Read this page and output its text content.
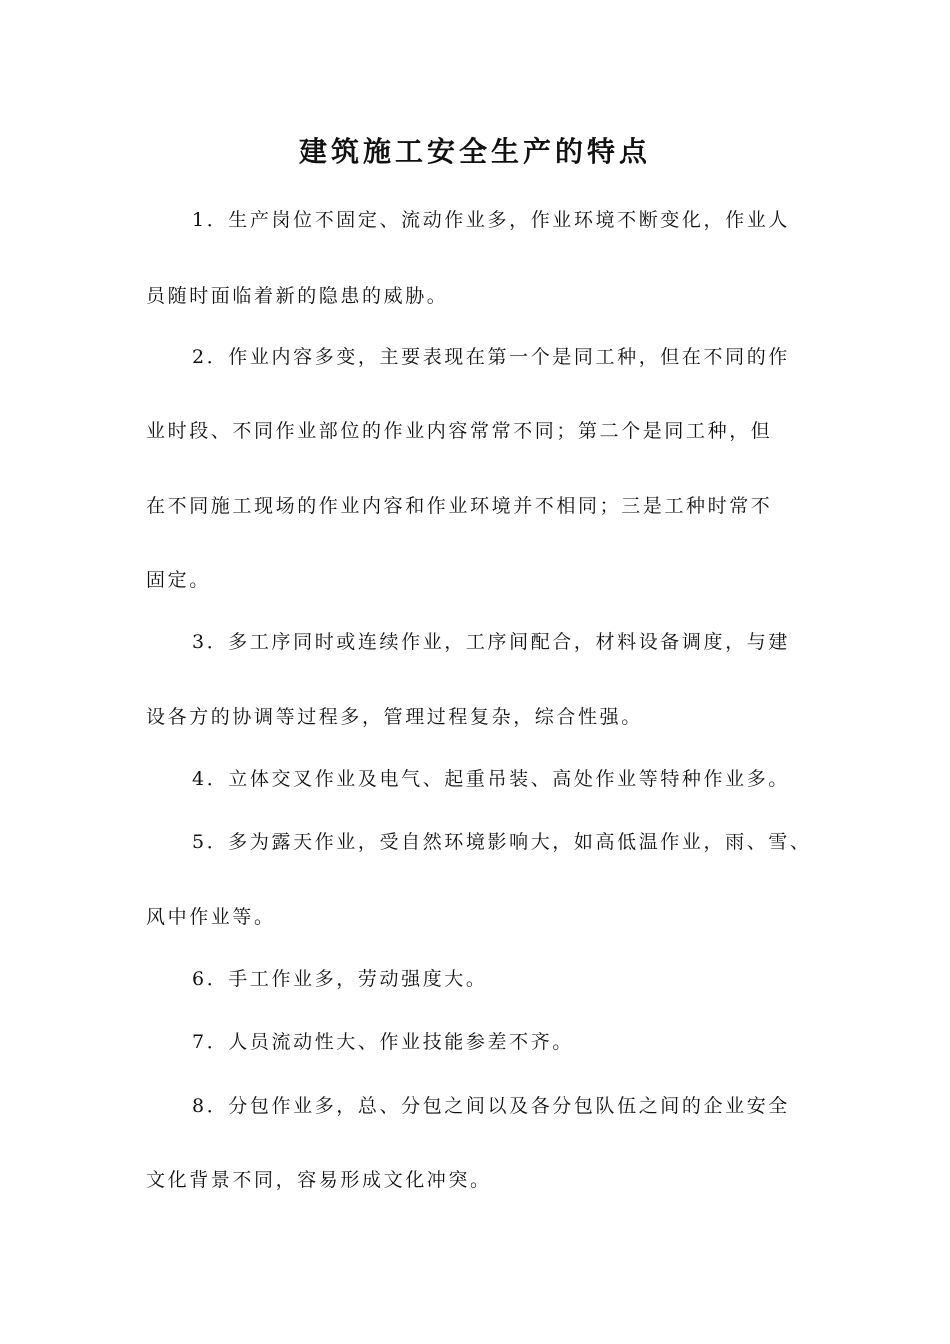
建筑施工安全生产的特点
1．生产岗位不固定、流动作业多，作业环境不断变化，作业人
员随时面临着新的隐患的威胁。
2．作业内容多变，主要表现在第一个是同工种，但在不同的作
业时段、不同作业部位的作业内容常常不同；第二个是同工种，但
在不同施工现场的作业内容和作业环境并不相同；三是工种时常不
固定。
3．多工序同时或连续作业，工序间配合，材料设备调度，与建
设各方的协调等过程多，管理过程复杂，综合性强。
4．立体交叉作业及电气、起重吊装、高处作业等特种作业多。
5．多为露天作业，受自然环境影响大，如高低温作业，雨、雪、
风中作业等。
6．手工作业多，劳动强度大。
7．人员流动性大、作业技能参差不齐。
8．分包作业多，总、分包之间以及各分包队伍之间的企业安全
文化背景不同，容易形成文化冲突。
